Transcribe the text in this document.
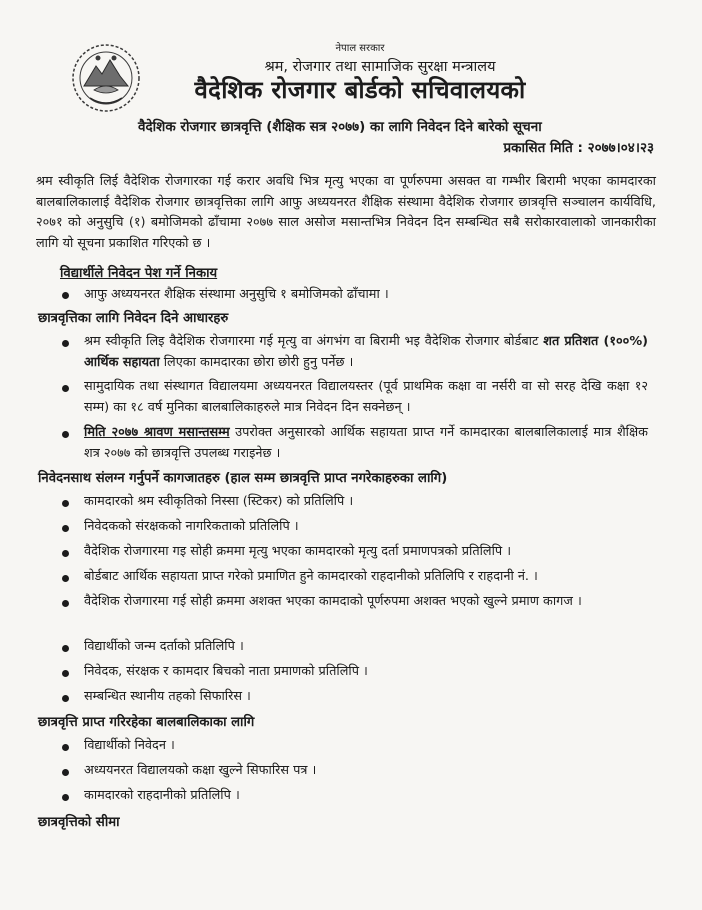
नेपाल सरकार
श्रम, रोजगार तथा सामाजिक सुरक्षा मन्त्रालय
वैदेशिक रोजगार बोर्डको सचिवालयको
वैदेशिक रोजगार छात्रवृत्ति (शैक्षिक सत्र २०७७) का लागि निवेदन दिने बारेको सूचना
प्रकासित मिति : २०७७।०४।२३
श्रम स्वीकृति लिई वैदेशिक रोजगारका गई करार अवधि भित्र मृत्यु भएका वा पूर्णरुपमा असक्त वा गम्भीर बिरामी भएका कामदारका बालबालिकालाई वैदेशिक रोजगार छात्रवृत्तिका लागि आफु अध्ययनरत शैक्षिक संस्थामा वैदेशिक रोजगार छात्रवृत्ति सञ्चालन कार्यविधि, २०७१ को अनुसुचि (१) बमोजिमको ढाँचामा २०७७ साल असोज मसान्तभित्र निवेदन दिन सम्बन्धित सबै सरोकारवालाको जानकारीका लागि यो सूचना प्रकाशित गरिएको छ ।
विद्यार्थीले निवेदन पेश गर्ने निकाय
आफु अध्ययनरत शैक्षिक संस्थामा अनुसुचि १ बमोजिमको ढाँचामा ।
छात्रवृत्तिका लागि निवेदन दिने आधारहरु
श्रम स्वीकृति लिइ वैदेशिक रोजगारमा गई मृत्यु वा अंगभंग वा बिरामी भइ वैदेशिक रोजगार बोर्डबाट शत प्रतिशत (१००%) आर्थिक सहायता लिएका कामदारका छोरा छोरी हुनु पर्नेछ ।
सामुदायिक तथा संस्थागत विद्यालयमा अध्ययनरत विद्यालयस्तर (पूर्व प्राथमिक कक्षा वा नर्सरी वा सो सरह देखि कक्षा १२ सम्म) का १८ वर्ष मुनिका बालबालिकाहरुले मात्र निवेदन दिन सक्नेछन् ।
मिति २०७७ श्रावण मसान्तसम्म उपरोक्त अनुसारको आर्थिक सहायता प्राप्त गर्ने कामदारका बालबालिकालाई मात्र शैक्षिक शत्र २०७७ को छात्रवृत्ति उपलब्ध गराइनेछ ।
निवेदनसाथ संलग्न गर्नुपर्ने कागजातहरु (हाल सम्म छात्रवृत्ति प्राप्त नगरेकाहरुका लागि)
कामदारको श्रम स्वीकृतिको निस्सा (स्टिकर) को प्रतिलिपि ।
निवेदकको संरक्षकको नागरिकताको प्रतिलिपि ।
वैदेशिक रोजगारमा गइ सोही क्रममा मृत्यु भएका कामदारको मृत्यु दर्ता प्रमाणपत्रको प्रतिलिपि ।
बोर्डबाट आर्थिक सहायता प्राप्त गरेको प्रमाणित हुने कामदारको राहदानीको प्रतिलिपि र राहदानी नं. ।
वैदेशिक रोजगारमा गई सोही क्रममा अशक्त भएका कामदाको पूर्णरुपमा अशक्त भएको खुल्ने प्रमाण कागज ।
विद्यार्थीको जन्म दर्ताको प्रतिलिपि ।
निवेदक, संरक्षक र कामदार बिचको नाता प्रमाणको प्रतिलिपि ।
सम्बन्धित स्थानीय तहको सिफारिस ।
छात्रवृत्ति प्राप्त गरिरहेका बालबालिकाका लागि
विद्यार्थीको निवेदन ।
अध्ययनरत विद्यालयको कक्षा खुल्ने सिफारिस पत्र ।
कामदारको राहदानीको प्रतिलिपि ।
छात्रवृत्तिको सीमा
